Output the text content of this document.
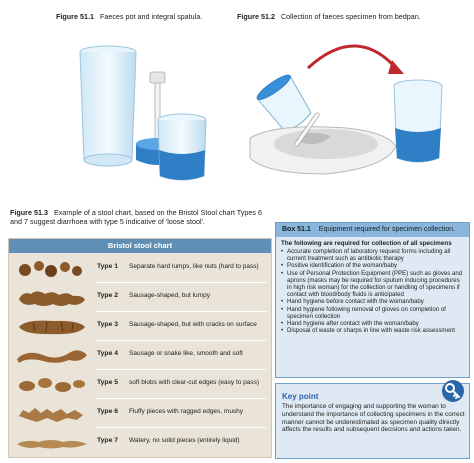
Figure 51.1 Faeces pot and integral spatula.	Figure 51.2 Collection of faeces specimen from bedpan.
Figure 51.3 Example of a stool chart, based on the Bristol Stool chart Types 6 and 7 suggest diarrhoea with type 5 indicative of 'loose stool'.
Bristol stool chart
Type 1 Separate hard lumps, like nuts (hard to pass)
Type 2 Sausage-shaped, but lumpy
Type 3 Sausage-shaped, but with cracks on surface
Type 4 Sausage or snake like, smooth and soft
Type 5 soft blobs with clear-cut edges (easy to pass)
Type 6 Fluffy pieces with ragged edges, mushy
Type 7 Watery, no solid pieces (entirely liquid)
Box 51.1 Equipment required for specimen collection.
The following are required for collection of all specimens
• Accurate completion of laboratory request forms including all current treatment such as antibiotic therapy
• Positive identification of the woman/baby
• Use of Personal Protection Equipment (PPE) such as gloves and aprons (masks may be required for sputum inducing procedures in high risk woman) for the collection or handling of specimens if contact with blood/body fluids is anticipated
• Hand hygiene before contact with the woman/baby
• Hand hygiene following removal of gloves on completion of specimen collection
• Hand hygiene after contact with the woman/baby
• Disposal of waste or sharps in line with waste risk assessment
Key point
The importance of engaging and supporting the woman to understand the importance of collecting specimens in the correct manner cannot be underestimated as specimen quality directly affects the results and subsequent decisions and actions taken.
